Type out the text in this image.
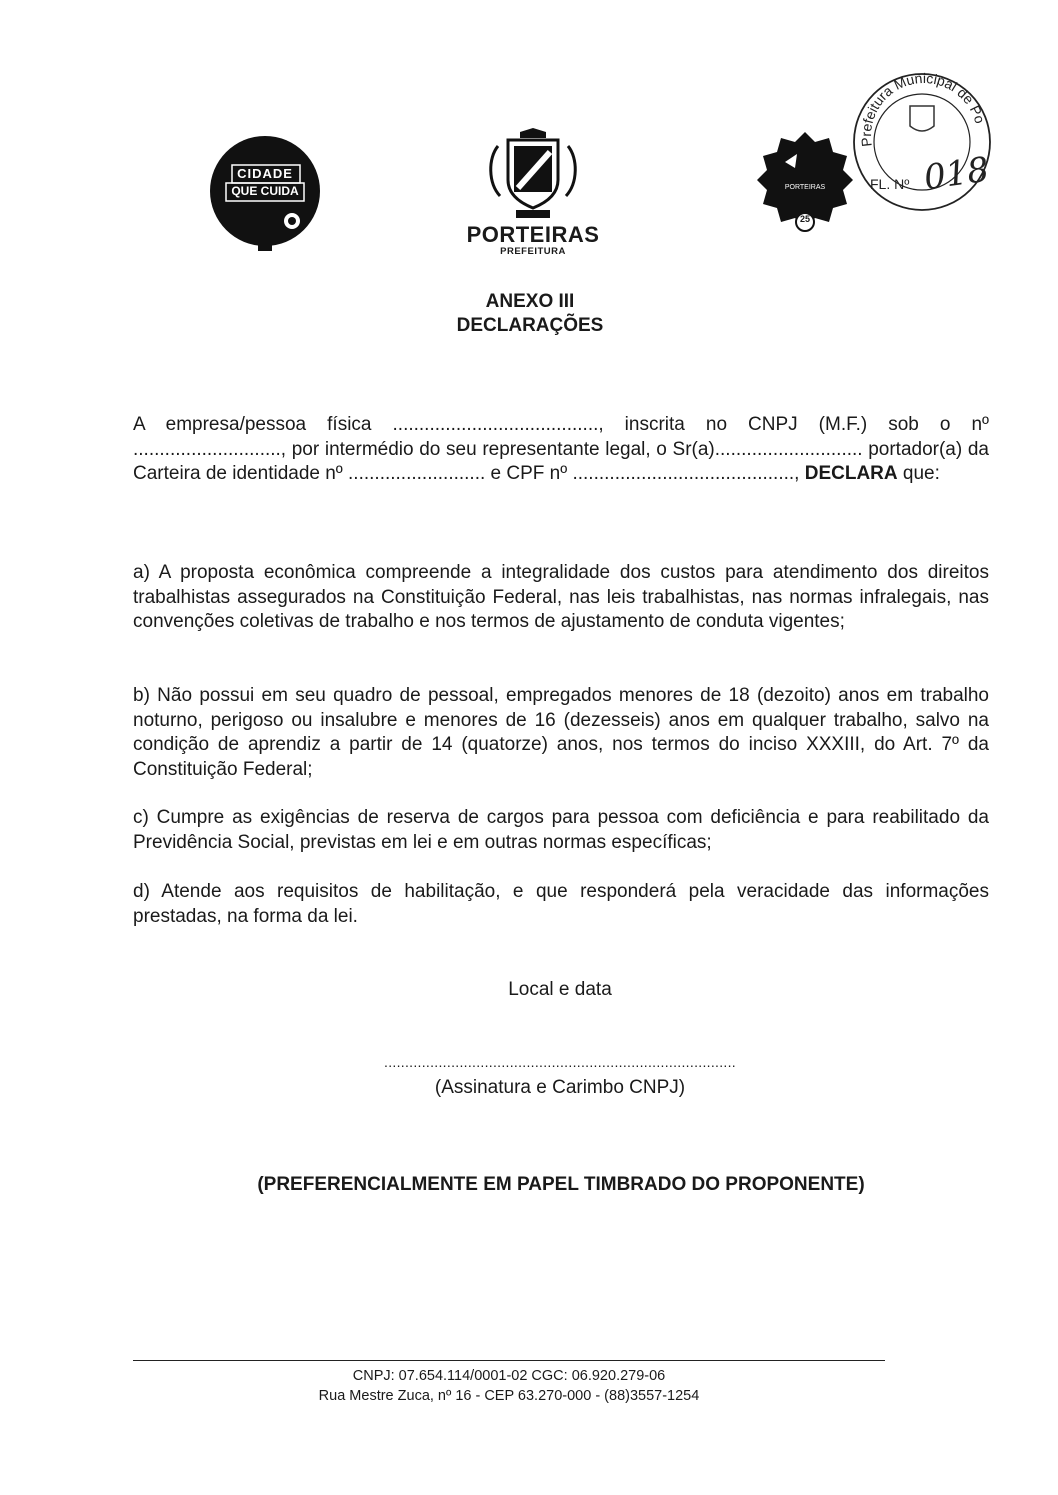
CIDADE
QUE CUIDA
PORTEIRAS
PREFEITURA
PORTEIRAS
25
Prefeitura Municipal de Po
FL. Nº 018
ANEXO III
DECLARAÇÕES
A empresa/pessoa física ......................................., inscrita no CNPJ (M.F.) sob o nº ............................, por intermédio do seu representante legal, o Sr(a)............................ portador(a) da Carteira de identidade nº .......................... e CPF nº .........................................., DECLARA que:
a) A proposta econômica compreende a integralidade dos custos para atendimento dos direitos trabalhistas assegurados na Constituição Federal, nas leis trabalhistas, nas normas infralegais, nas convenções coletivas de trabalho e nos termos de ajustamento de conduta vigentes;
b) Não possui em seu quadro de pessoal, empregados menores de 18 (dezoito) anos em trabalho noturno, perigoso ou insalubre e menores de 16 (dezesseis) anos em qualquer trabalho, salvo na condição de aprendiz a partir de 14 (quatorze) anos, nos termos do inciso XXXIII, do Art. 7º da Constituição Federal;
c) Cumpre as exigências de reserva de cargos para pessoa com deficiência e para reabilitado da Previdência Social, previstas em lei e em outras normas específicas;
d) Atende aos requisitos de habilitação, e que responderá pela veracidade das informações prestadas, na forma da lei.
Local e data
....................................................................................
(Assinatura e Carimbo CNPJ)
(PREFERENCIALMENTE EM PAPEL TIMBRADO DO PROPONENTE)
CNPJ: 07.654.114/0001-02 CGC: 06.920.279-06
Rua Mestre Zuca, nº 16 - CEP 63.270-000 - (88)3557-1254
